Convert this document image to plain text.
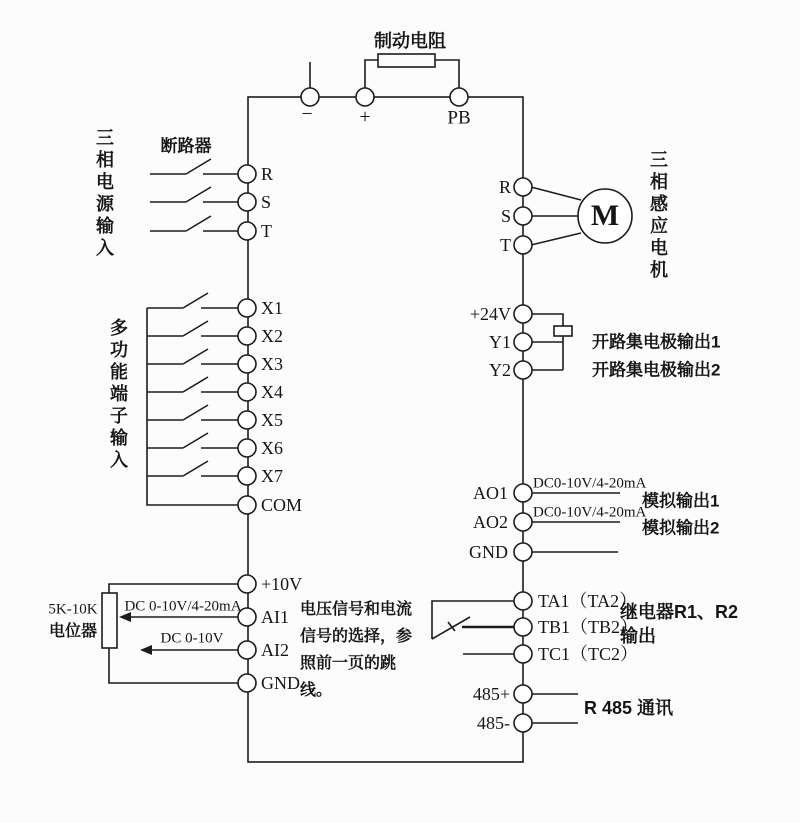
制动电阻
− +	PB
三相电源输入	断路器
R
S
T
多功能端子输入
X1
X2
X3
X4
X5
X6
X7
COM
5K-10K
电位器
DC 0-10V/4-20mA
DC 0-10V
+10V
AI1
AI2
GND
电压信号和电流信号的选择，参照前一页的跳线。
R
S
T
M 三相感应电机
+24V
Y1
Y2
开路集电极输出1
开路集电极输出2
AO1
AO2
GND
DC0-10V/4-20mA
DC0-10V/4-20mA
模拟输出1
模拟输出2
TA1（TA2）
TB1（TB2）
TC1（TC2）
继电器R1、R2
输出
485+
485-
R 485 通讯
